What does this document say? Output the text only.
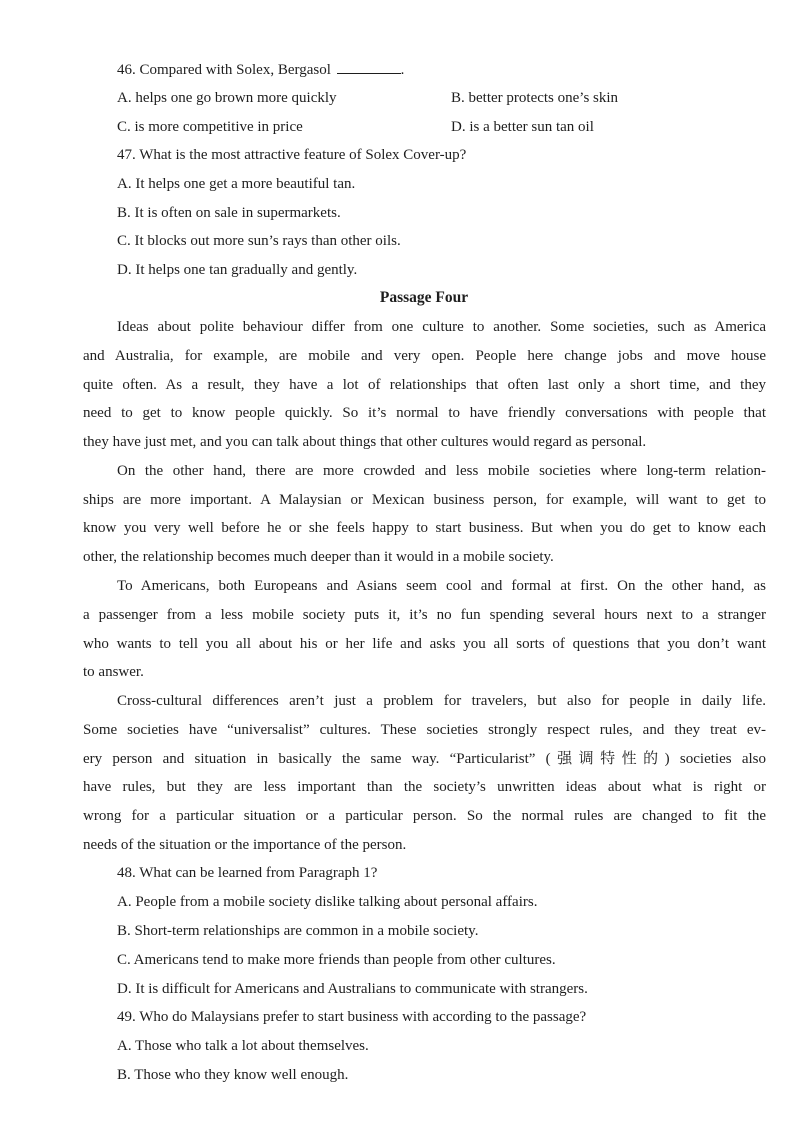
46. Compared with Solex, Bergasol	.
A. helps one go brown more quickly	B. better protects one’s skin
C. is more competitive in price	D. is a better sun tan oil
47. What is the most attractive feature of Solex Cover-up?
A. It helps one get a more beautiful tan.
B. It is often on sale in supermarkets.
C. It blocks out more sun’s rays than other oils.
D. It helps one tan gradually and gently.
Passage Four
Ideas about polite behaviour differ from one culture to another. Some societies, such as America
and Australia, for example, are mobile and very open. People here change jobs and move house
quite often. As a result, they have a lot of relationships that often last only a short time, and they
need to get to know people quickly. So it’s normal to have friendly conversations with people that
they have just met, and you can talk about things that other cultures would regard as personal.
On the other hand, there are more crowded and less mobile societies where long-term relation-
ships are more important. A Malaysian or Mexican business person, for example, will want to get to
know you very well before he or she feels happy to start business. But when you do get to know each
other, the relationship becomes much deeper than it would in a mobile society.
To Americans, both Europeans and Asians seem cool and formal at first. On the other hand, as
a passenger from a less mobile society puts it, it’s no fun spending several hours next to a stranger
who wants to tell you all about his or her life and asks you all sorts of questions that you don’t want
to answer.
Cross-cultural differences aren’t just a problem for travelers, but also for people in daily life.
Some societies have “universalist” cultures. These societies strongly respect rules, and they treat ev-
ery person and situation in basically the same way. “Particularist” (强调特性的) societies also
have rules, but they are less important than the society’s unwritten ideas about what is right or
wrong for a particular situation or a particular person. So the normal rules are changed to fit the
needs of the situation or the importance of the person.
48. What can be learned from Paragraph 1?
A. People from a mobile society dislike talking about personal affairs.
B. Short-term relationships are common in a mobile society.
C. Americans tend to make more friends than people from other cultures.
D. It is difficult for Americans and Australians to communicate with strangers.
49. Who do Malaysians prefer to start business with according to the passage?
A. Those who talk a lot about themselves.
B. Those who they know well enough.
